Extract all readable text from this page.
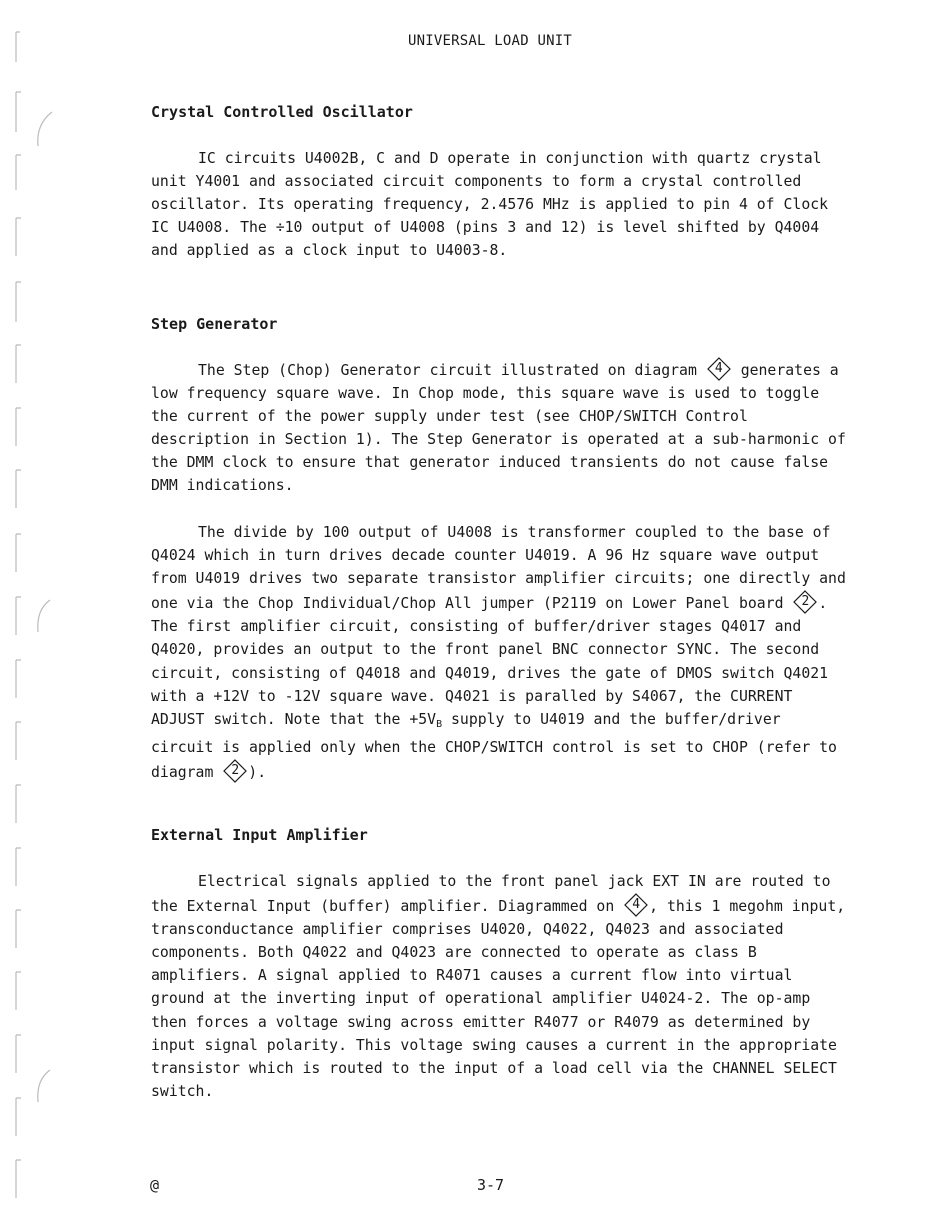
UNIVERSAL LOAD UNIT
Crystal Controlled Oscillator

IC circuits U4002B, C and D operate in conjunction with quartz crystal unit Y4001 and associated circuit components to form a crystal controlled oscillator. Its operating frequency, 2.4576 MHz is applied to pin 4 of Clock IC U4008. The ÷10 output of U4008 (pins 3 and 12) is level shifted by Q4004 and applied as a clock input to U4003-8.

Step Generator

The Step (Chop) Generator circuit illustrated on diagram 4 generates a low frequency square wave. In Chop mode, this square wave is used to toggle the current of the power supply under test (see CHOP/SWITCH Control description in Section 1). The Step Generator is operated at a sub-harmonic of the DMM clock to ensure that generator induced transients do not cause false DMM indications.

The divide by 100 output of U4008 is transformer coupled to the base of Q4024 which in turn drives decade counter U4019. A 96 Hz square wave output from U4019 drives two separate transistor amplifier circuits; one directly and one via the Chop Individual/Chop All jumper (P2119 on Lower Panel board 2 . The first amplifier circuit, consisting of buffer/driver stages Q4017 and Q4020, provides an output to the front panel BNC connector SYNC. The second circuit, consisting of Q4018 and Q4019, drives the gate of DMOS switch Q4021 with a +12V to -12V square wave. Q4021 is paralled by S4067, the CURRENT ADJUST switch. Note that the $+5V_B$ supply to U4019 and the buffer/driver circuit is applied only when the CHOP/SWITCH control is set to CHOP (refer to diagram 2 ).

External Input Amplifier

Electrical signals applied to the front panel jack EXT IN are routed to the External Input (buffer) amplifier. Diagrammed on 4 , this 1 megohm input, transconductance amplifier comprises U4020, Q4022, Q4023 and associated components. Both Q4022 and Q4023 are connected to operate as class B amplifiers. A signal applied to R4071 causes a current flow into virtual ground at the inverting input of operational amplifier U4024-2. The op-amp then forces a voltage swing across emitter R4077 or R4079 as determined by input signal polarity. This voltage swing causes a current in the appropriate transistor which is routed to the input of a load cell via the CHANNEL SELECT switch.

@	3-7
